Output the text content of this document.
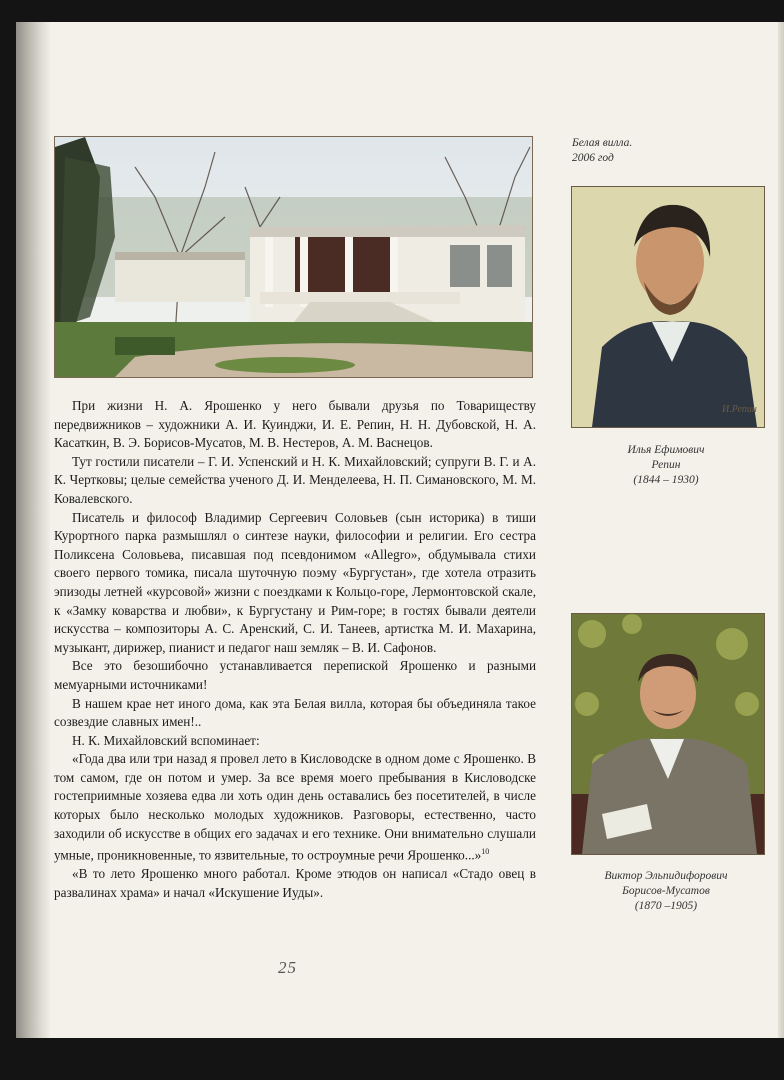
Белая вилла.
2006 год
И.Репин
Илья Ефимович
Репин
(1844 – 1930)
Виктор Эльпидифорович
Борисов-Мусатов
(1870 –1905)

При жизни Н. А. Ярошенко у него бывали друзья по Товариществу передвижников – художники А. И. Куинджи, И. Е. Репин, Н. Н. Дубовской, Н. А. Касаткин, В. Э. Борисов-Мусатов, М. В. Нестеров, А. М. Васнецов.

Тут гостили писатели – Г. И. Успенский и Н. К. Михайловский; супруги В. Г. и А. К. Чертковы; целые семейства ученого Д. И. Менделеева, Н. П. Симановского, М. М. Ковалевского.

Писатель и философ Владимир Сергеевич Соловьев (сын историка) в тиши Курортного парка размышлял о синтезе науки, философии и религии. Его сестра Поликсена Соловьева, писавшая под псевдонимом «Allegro», обдумывала стихи своего первого томика, писала шуточную поэму «Бургустан», где хотела отразить эпизоды летней «курсовой» жизни с поездками к Кольцо-горе, Лермонтовской скале, к «Замку коварства и любви», к Бургустану и Рим-горе; в гостях бывали деятели искусства – композиторы А. С. Аренский, С. И. Танеев, артистка М. И. Махарина, музыкант, дирижер, пианист и педагог наш земляк – В. И. Сафонов.

Все это безошибочно устанавливается перепиской Ярошенко и разными мемуарными источниками!

В нашем крае нет иного дома, как эта Белая вилла, которая бы объединяла такое созвездие славных имен!..

Н. К. Михайловский вспоминает:

«Года два или три назад я провел лето в Кисловодске в одном доме с Ярошенко. В том самом, где он потом и умер. За все время моего пребывания в Кисловодске гостеприимные хозяева едва ли хоть один день оставались без посетителей, в числе которых было несколько молодых художников. Разговоры, естественно, часто заходили об искусстве в общих его задачах и его технике. Они внимательно слушали умные, проникновенные, то язвительные, то остроумные речи Ярошенко...»$^{10}$

«В то лето Ярошенко много работал. Кроме этюдов он написал «Стадо овец в развалинах храма» и начал «Искушение Иуды».

25
